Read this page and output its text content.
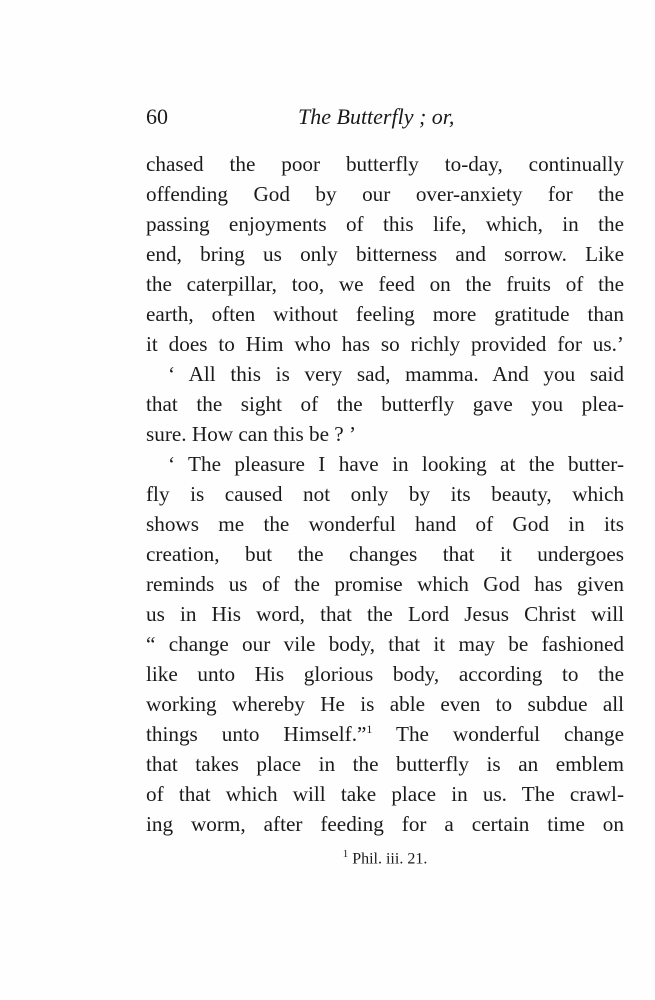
60	The Butterfly ; or,
chased the poor butterfly to-day, continually
offending God by our over-anxiety for the
passing enjoyments of this life, which, in the
end, bring us only bitterness and sorrow. Like
the caterpillar, too, we feed on the fruits of the
earth, often without feeling more gratitude than
it does to Him who has so richly provided for us.’
‘ All this is very sad, mamma. And you said
that the sight of the butterfly gave you plea-
sure. How can this be ? ’
‘ The pleasure I have in looking at the butter-
fly is caused not only by its beauty, which
shows me the wonderful hand of God in its
creation, but the changes that it undergoes
reminds us of the promise which God has given
us in His word, that the Lord Jesus Christ will
“ change our vile body, that it may be fashioned
like unto His glorious body, according to the
working whereby He is able even to subdue all
things unto Himself.”$^1$ The wonderful change
that takes place in the butterfly is an emblem
of that which will take place in us. The crawl-
ing worm, after feeding for a certain time on
$^1$ Phil. iii. 21.
